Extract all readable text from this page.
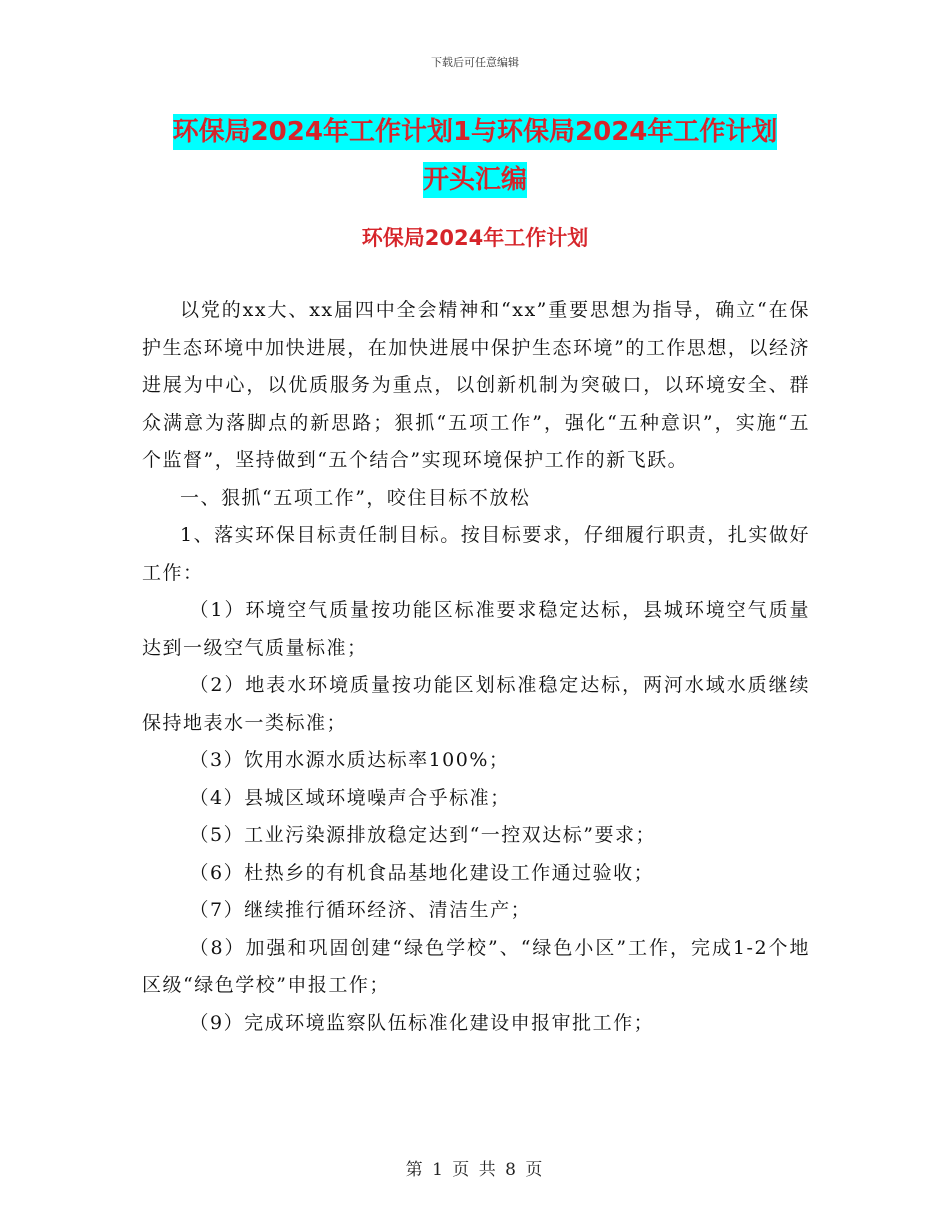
下载后可任意编辑
环保局2024年工作计划1与环保局2024年工作计划
开头汇编
环保局2024年工作计划

以党的xx大、xx届四中全会精神和“xx”重要思想为指导，确立“在保护生态环境中加快进展，在加快进展中保护生态环境”的工作思想，以经济进展为中心，以优质服务为重点，以创新机制为突破口，以环境安全、群众满意为落脚点的新思路；狠抓“五项工作”，强化“五种意识”，实施“五个监督”，坚持做到“五个结合”实现环境保护工作的新飞跃。

一、狠抓“五项工作”，咬住目标不放松

1、落实环保目标责任制目标。按目标要求，仔细履行职责，扎实做好工作：

（1）环境空气质量按功能区标准要求稳定达标，县城环境空气质量达到一级空气质量标准；

（2）地表水环境质量按功能区划标准稳定达标，两河水域水质继续保持地表水一类标准；

（3）饮用水源水质达标率100%；

（4）县城区域环境噪声合乎标准；

（5）工业污染源排放稳定达到“一控双达标”要求；

（6）杜热乡的有机食品基地化建设工作通过验收；

（7）继续推行循环经济、清洁生产；

（8）加强和巩固创建“绿色学校”、“绿色小区”工作，完成1-2个地区级“绿色学校”申报工作；

（9）完成环境监察队伍标准化建设申报审批工作；

第 1 页 共 8 页
